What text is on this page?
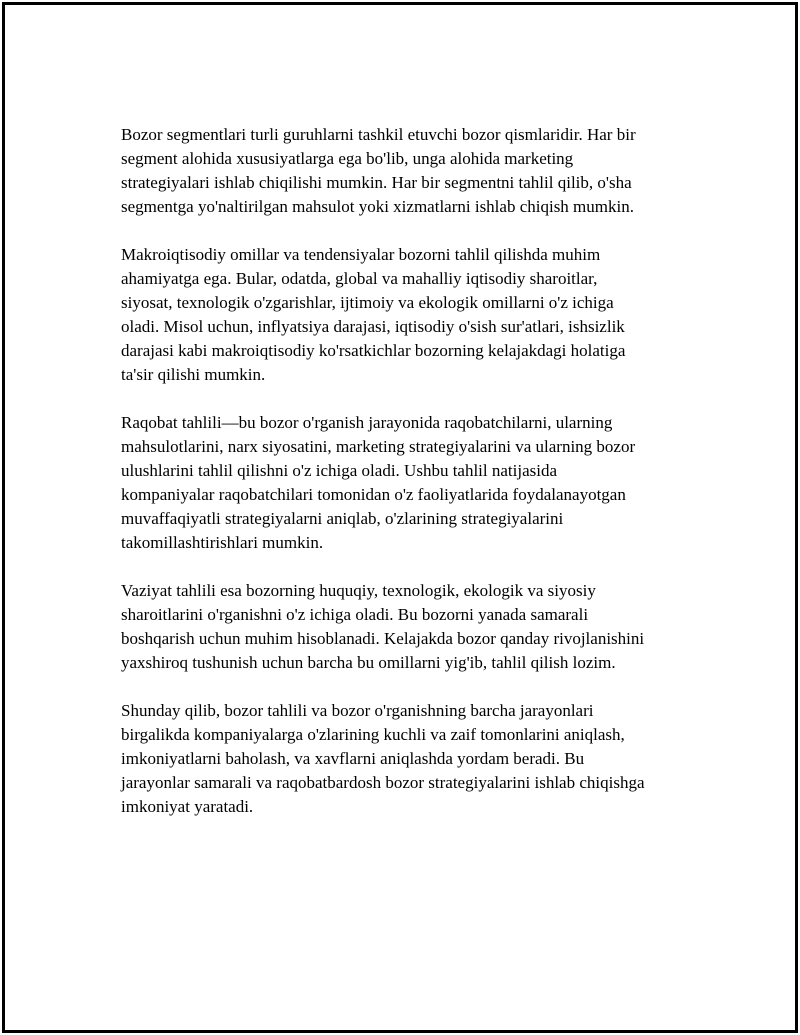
Bozor segmentlari turli guruhlarni tashkil etuvchi bozor qismlaridir. Har bir
segment alohida xususiyatlarga ega bo'lib, unga alohida marketing
strategiyalari ishlab chiqilishi mumkin. Har bir segmentni tahlil qilib, o'sha
segmentga yo'naltirilgan mahsulot yoki xizmatlarni ishlab chiqish mumkin.

Makroiqtisodiy omillar va tendensiyalar bozorni tahlil qilishda muhim
ahamiyatga ega. Bular, odatda, global va mahalliy iqtisodiy sharoitlar,
siyosat, texnologik o'zgarishlar, ijtimoiy va ekologik omillarni o'z ichiga
oladi. Misol uchun, inflyatsiya darajasi, iqtisodiy o'sish sur'atlari, ishsizlik
darajasi kabi makroiqtisodiy ko'rsatkichlar bozorning kelajakdagi holatiga
ta'sir qilishi mumkin.

Raqobat tahlili—bu bozor o'rganish jarayonida raqobatchilarni, ularning
mahsulotlarini, narx siyosatini, marketing strategiyalarini va ularning bozor
ulushlarini tahlil qilishni o'z ichiga oladi. Ushbu tahlil natijasida
kompaniyalar raqobatchilari tomonidan o'z faoliyatlarida foydalanayotgan
muvaffaqiyatli strategiyalarni aniqlab, o'zlarining strategiyalarini
takomillashtirishlari mumkin.

Vaziyat tahlili esa bozorning huquqiy, texnologik, ekologik va siyosiy
sharoitlarini o'rganishni o'z ichiga oladi. Bu bozorni yanada samarali
boshqarish uchun muhim hisoblanadi. Kelajakda bozor qanday rivojlanishini
yaxshiroq tushunish uchun barcha bu omillarni yig'ib, tahlil qilish lozim.

Shunday qilib, bozor tahlili va bozor o'rganishning barcha jarayonlari
birgalikda kompaniyalarga o'zlarining kuchli va zaif tomonlarini aniqlash,
imkoniyatlarni baholash, va xavflarni aniqlashda yordam beradi. Bu
jarayonlar samarali va raqobatbardosh bozor strategiyalarini ishlab chiqishga
imkoniyat yaratadi.
